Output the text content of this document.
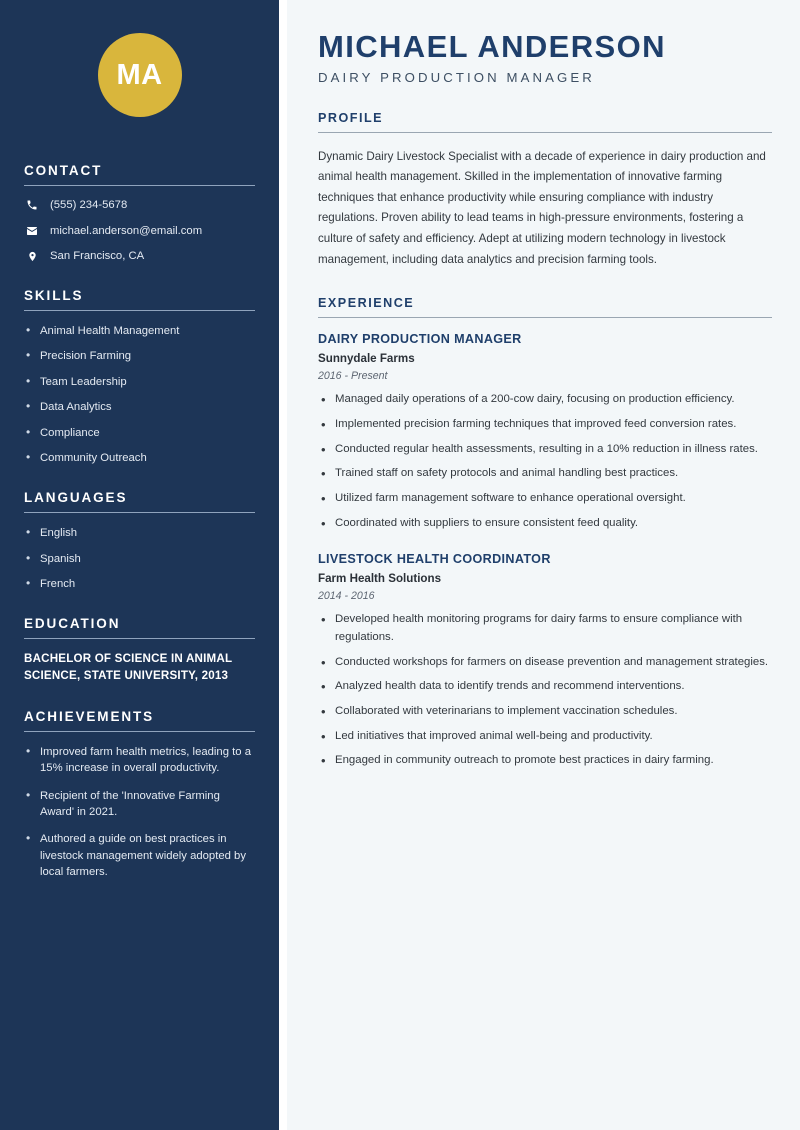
MA
CONTACT
(555) 234-5678
michael.anderson@email.com
San Francisco, CA
SKILLS
• Animal Health Management
• Precision Farming
• Team Leadership
• Data Analytics
• Compliance
• Community Outreach
LANGUAGES
• English
• Spanish
• French
EDUCATION
BACHELOR OF SCIENCE IN ANIMAL SCIENCE, STATE UNIVERSITY, 2013
ACHIEVEMENTS
• Improved farm health metrics, leading to a 15% increase in overall productivity.
• Recipient of the 'Innovative Farming Award' in 2021.
• Authored a guide on best practices in livestock management widely adopted by local farmers.
MICHAEL ANDERSON
DAIRY PRODUCTION MANAGER
PROFILE

Dynamic Dairy Livestock Specialist with a decade of experience in dairy production and animal health management. Skilled in the implementation of innovative farming techniques that enhance productivity while ensuring compliance with industry regulations. Proven ability to lead teams in high-pressure environments, fostering a culture of safety and efficiency. Adept at utilizing modern technology in livestock management, including data analytics and precision farming tools.

EXPERIENCE
DAIRY PRODUCTION MANAGER
Sunnydale Farms
2016 - Present
• Managed daily operations of a 200-cow dairy, focusing on production efficiency.
• Implemented precision farming techniques that improved feed conversion rates.
• Conducted regular health assessments, resulting in a 10% reduction in illness rates.
• Trained staff on safety protocols and animal handling best practices.
• Utilized farm management software to enhance operational oversight.
• Coordinated with suppliers to ensure consistent feed quality.
LIVESTOCK HEALTH COORDINATOR
Farm Health Solutions
2014 - 2016
• Developed health monitoring programs for dairy farms to ensure compliance with regulations.
• Conducted workshops for farmers on disease prevention and management strategies.
• Analyzed health data to identify trends and recommend interventions.
• Collaborated with veterinarians to implement vaccination schedules.
• Led initiatives that improved animal well-being and productivity.
• Engaged in community outreach to promote best practices in dairy farming.
